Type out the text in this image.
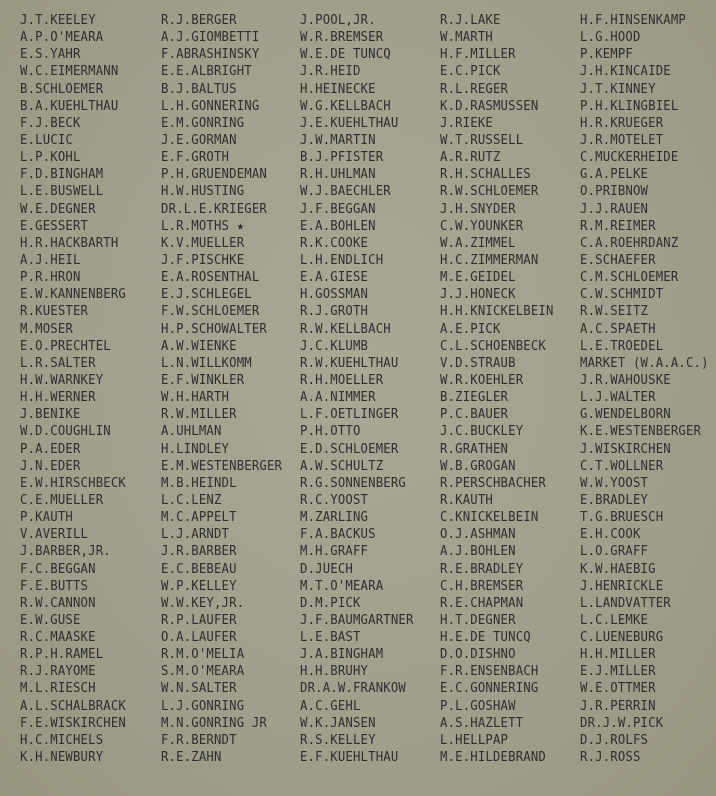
J.T.KEELEY
A.P.O'MEARA
E.S.YAHR
W.C.EIMERMANN
B.SCHLOEMER
B.A.KUEHLTHAU
F.J.BECK
E.LUCIC
L.P.KOHL
F.D.BINGHAM
L.E.BUSWELL
W.E.DEGNER
E.GESSERT
H.R.HACKBARTH
A.J.HEIL
P.R.HRON
E.W.KANNENBERG
R.KUESTER
M.MOSER
E.O.PRECHTEL
L.R.SALTER
H.W.WARNKEY
H.H.WERNER
J.BENIKE
W.D.COUGHLIN
P.A.EDER
J.N.EDER
E.W.HIRSCHBECK
C.E.MUELLER
P.KAUTH
V.AVERILL
J.BARBER,JR.
F.C.BEGGAN
F.E.BUTTS
R.W.CANNON
E.W.GUSE
R.C.MAASKE
R.P.H.RAMEL
R.J.RAYOME
M.L.RIESCH
A.L.SCHALBRACK
F.E.WISKIRCHEN
H.C.MICHELS
K.H.NEWBURY
R.J.BERGER
A.J.GIOMBETTI
F.ABRASHINSKY
E.E.ALBRIGHT
B.J.BALTUS
L.H.GONNERING
E.M.GONRING
J.E.GORMAN
E.F.GROTH
P.H.GRUENDEMAN
H.W.HUSTING
DR.L.E.KRIEGER
L.R.MOTHS ★
K.V.MUELLER
J.F.PISCHKE
E.A.ROSENTHAL
E.J.SCHLEGEL
F.W.SCHLOEMER
H.P.SCHOWALTER
A.W.WIENKE
L.N.WILLKOMM
E.F.WINKLER
W.H.HARTH
R.W.MILLER
A.UHLMAN
H.LINDLEY
E.M.WESTENBERGER
M.B.HEINDL
L.C.LENZ
M.C.APPELT
L.J.ARNDT
J.R.BARBER
E.C.BEBEAU
W.P.KELLEY
W.W.KEY,JR.
R.P.LAUFER
O.A.LAUFER
R.M.O'MELIA
S.M.O'MEARA
W.N.SALTER
L.J.GONRING
M.N.GONRING JR
F.R.BERNDT
R.E.ZAHN
J.POOL,JR.
W.R.BREMSER
W.E.DE TUNCQ
J.R.HEID
H.HEINECKE
W.G.KELLBACH
J.E.KUEHLTHAU
J.W.MARTIN
B.J.PFISTER
R.H.UHLMAN
W.J.BAECHLER
J.F.BEGGAN
E.A.BOHLEN
R.K.COOKE
L.H.ENDLICH
E.A.GIESE
H.GOSSMAN
R.J.GROTH
R.W.KELLBACH
J.C.KLUMB
R.W.KUEHLTHAU
R.H.MOELLER
A.A.NIMMER
L.F.OETLINGER
P.H.OTTO
E.D.SCHLOEMER
A.W.SCHULTZ
R.G.SONNENBERG
R.C.YOOST
M.ZARLING
F.A.BACKUS
M.H.GRAFF
D.JUECH
M.T.O'MEARA
D.M.PICK
J.F.BAUMGARTNER
L.E.BAST
J.A.BINGHAM
H.H.BRUHY
DR.A.W.FRANKOW
A.C.GEHL
W.K.JANSEN
R.S.KELLEY
E.F.KUEHLTHAU
R.J.LAKE
W.MARTH
H.F.MILLER
E.C.PICK
R.L.REGER
K.D.RASMUSSEN
J.RIEKE
W.T.RUSSELL
A.R.RUTZ
R.H.SCHALLES
R.W.SCHLOEMER
J.H.SNYDER
C.W.YOUNKER
W.A.ZIMMEL
H.C.ZIMMERMAN
M.E.GEIDEL
J.J.HONECK
H.H.KNICKELBEIN
A.E.PICK
C.L.SCHOENBECK
V.D.STRAUB
W.R.KOEHLER
B.ZIEGLER
P.C.BAUER
J.C.BUCKLEY
R.GRATHEN
W.B.GROGAN
R.PERSCHBACHER
R.KAUTH
C.KNICKELBEIN
O.J.ASHMAN
A.J.BOHLEN
R.E.BRADLEY
C.H.BREMSER
R.E.CHAPMAN
H.T.DEGNER
H.E.DE TUNCQ
D.O.DISHNO
F.R.ENSENBACH
E.C.GONNERING
P.L.GOSHAW
A.S.HAZLETT
L.HELLPAP
M.E.HILDEBRAND
H.F.HINSENKAMP
L.G.HOOD
P.KEMPF
J.H.KINCAIDE
J.T.KINNEY
P.H.KLINGBIEL
H.R.KRUEGER
J.R.MOTELET
C.MUCKERHEIDE
G.A.PELKE
O.PRIBNOW
J.J.RAUEN
R.M.REIMER
C.A.ROEHRDANZ
E.SCHAEFER
C.M.SCHLOEMER
C.W.SCHMIDT
R.W.SEITZ
A.C.SPAETH
L.E.TROEDEL
MARKET (W.A.A.C.)
J.R.WAHOUSKE
L.J.WALTER
G.WENDELBORN
K.E.WESTENBERGER
J.WISKIRCHEN
C.T.WOLLNER
W.W.YOOST
E.BRADLEY
T.G.BRUESCH
E.H.COOK
L.O.GRAFF
K.W.HAEBIG
J.HENRICKLE
L.LANDVATTER
L.C.LEMKE
C.LUENEBURG
H.H.MILLER
E.J.MILLER
W.E.OTTMER
J.R.PERRIN
DR.J.W.PICK
D.J.ROLFS
R.J.ROSS
